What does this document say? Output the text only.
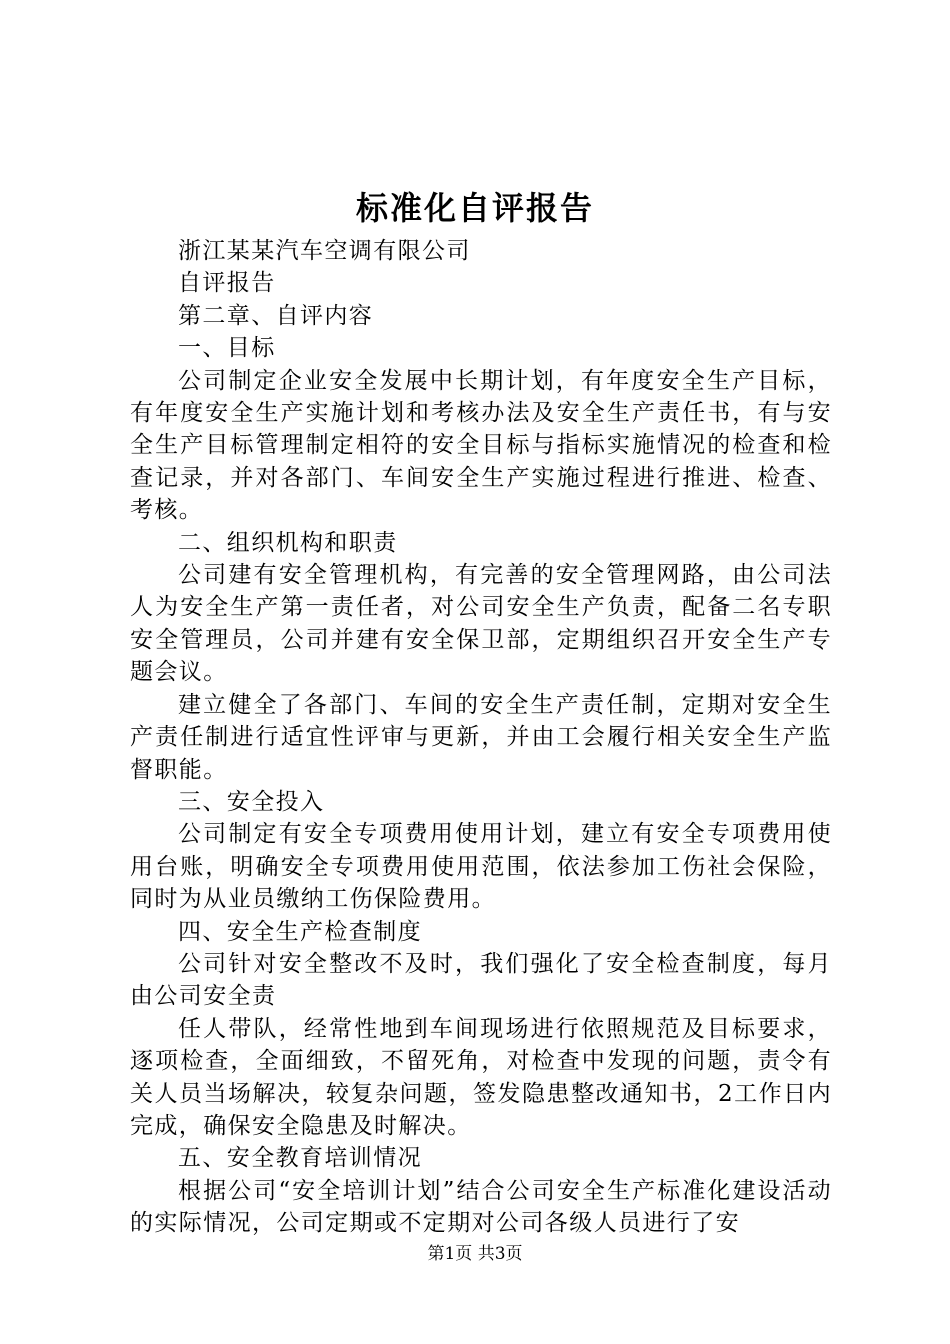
标准化自评报告

浙江某某汽车空调有限公司

自评报告

第二章、自评内容

一、目标

公司制定企业安全发展中长期计划，有年度安全生产目标，有年度安全生产实施计划和考核办法及安全生产责任书，有与安全生产目标管理制定相符的安全目标与指标实施情况的检查和检查记录，并对各部门、车间安全生产实施过程进行推进、检查、考核。

二、组织机构和职责

公司建有安全管理机构，有完善的安全管理网路，由公司法人为安全生产第一责任者，对公司安全生产负责，配备二名专职安全管理员，公司并建有安全保卫部，定期组织召开安全生产专题会议。

建立健全了各部门、车间的安全生产责任制，定期对安全生产责任制进行适宜性评审与更新，并由工会履行相关安全生产监督职能。

三、安全投入

公司制定有安全专项费用使用计划，建立有安全专项费用使用台账，明确安全专项费用使用范围，依法参加工伤社会保险，同时为从业员缴纳工伤保险费用。

四、安全生产检查制度

公司针对安全整改不及时，我们强化了安全检查制度，每月由公司安全责

任人带队，经常性地到车间现场进行依照规范及目标要求，逐项检查，全面细致，不留死角，对检查中发现的问题，责令有关人员当场解决，较复杂问题，签发隐患整改通知书，2工作日内完成，确保安全隐患及时解决。

五、安全教育培训情况

根据公司“安全培训计划”结合公司安全生产标准化建设活动的实际情况，公司定期或不定期对公司各级人员进行了安

第1页 共3页
